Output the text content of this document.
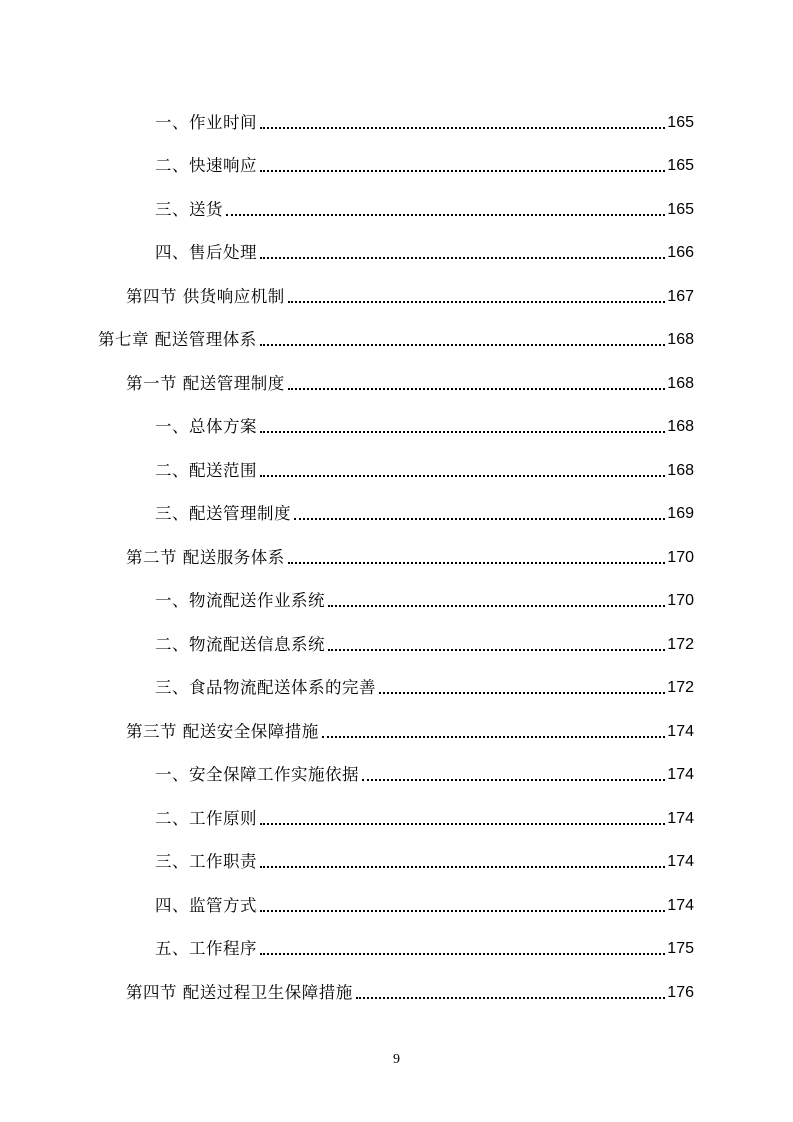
一、作业时间	165
二、快速响应	165
三、送货	165
四、售后处理	166
第四节 供货响应机制	167
第七章 配送管理体系	168
第一节 配送管理制度	168
一、总体方案	168
二、配送范围	168
三、配送管理制度	169
第二节 配送服务体系	170
一、物流配送作业系统	170
二、物流配送信息系统	172
三、食品物流配送体系的完善	172
第三节 配送安全保障措施	174
一、安全保障工作实施依据	174
二、工作原则	174
三、工作职责	174
四、监管方式	174
五、工作程序	175
第四节 配送过程卫生保障措施	176
9
